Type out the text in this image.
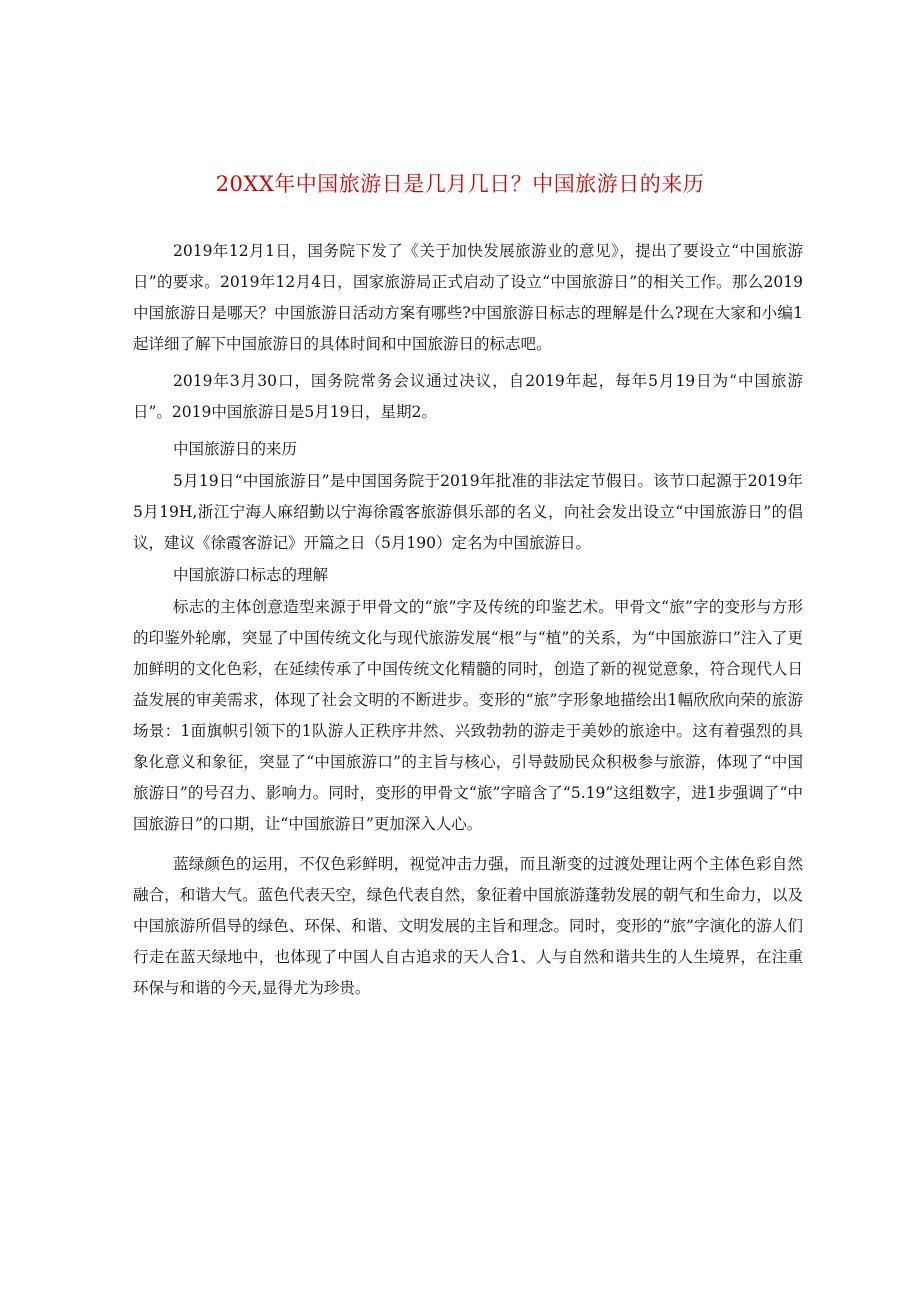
20XX年中国旅游日是几月几日？中国旅游日的来历

2019年12月1日，国务院下发了《关于加快发展旅游业的意见》，提出了要设立“中国旅游日”的要求。2019年12月4日，国家旅游局正式启动了设立“中国旅游日”的相关工作。那么2019中国旅游日是哪天？中国旅游日活动方案有哪些?中国旅游日标志的理解是什么?现在大家和小编1起详细了解下中国旅游日的具体时间和中国旅游日的标志吧。

2019年3月30口，国务院常务会议通过决议，自2019年起，每年5月19日为“中国旅游日”。2019中国旅游日是5月19日，星期2。

中国旅游日的来历

5月19日“中国旅游日”是中国国务院于2019年批准的非法定节假日。该节口起源于2019年5月19H,浙江宁海人麻绍勤以宁海徐霞客旅游俱乐部的名义，向社会发出设立“中国旅游日”的倡议，建议《徐霞客游记》开篇之日（5月190）定名为中国旅游日。

中国旅游口标志的理解

标志的主体创意造型来源于甲骨文的“旅”字及传统的印鉴艺术。甲骨文“旅”字的变形与方形的印鉴外轮廓，突显了中国传统文化与现代旅游发展“根”与“植”的关系，为“中国旅游口”注入了更加鲜明的文化色彩，在延续传承了中国传统文化精髓的同时，创造了新的视觉意象，符合现代人日益发展的审美需求，体现了社会文明的不断进步。变形的“旅”字形象地描绘出1幅欣欣向荣的旅游场景：1面旗帜引领下的1队游人正秩序井然、兴致勃勃的游走于美妙的旅途中。这有着强烈的具象化意义和象征，突显了“中国旅游口”的主旨与核心，引导鼓励民众积极参与旅游，体现了“中国旅游日”的号召力、影响力。同时，变形的甲骨文“旅”字暗含了“5.19”这组数字，进1步强调了“中国旅游日”的口期，让“中国旅游日”更加深入人心。

蓝绿颜色的运用，不仅色彩鲜明，视觉冲击力强，而且渐变的过渡处理让两个主体色彩自然融合，和谐大气。蓝色代表天空，绿色代表自然，象征着中国旅游蓬勃发展的朝气和生命力，以及中国旅游所倡导的绿色、环保、和谐、文明发展的主旨和理念。同时，变形的“旅”字演化的游人们行走在蓝天绿地中，也体现了中国人自古追求的天人合1、人与自然和谐共生的人生境界，在注重环保与和谐的今天,显得尤为珍贵。
